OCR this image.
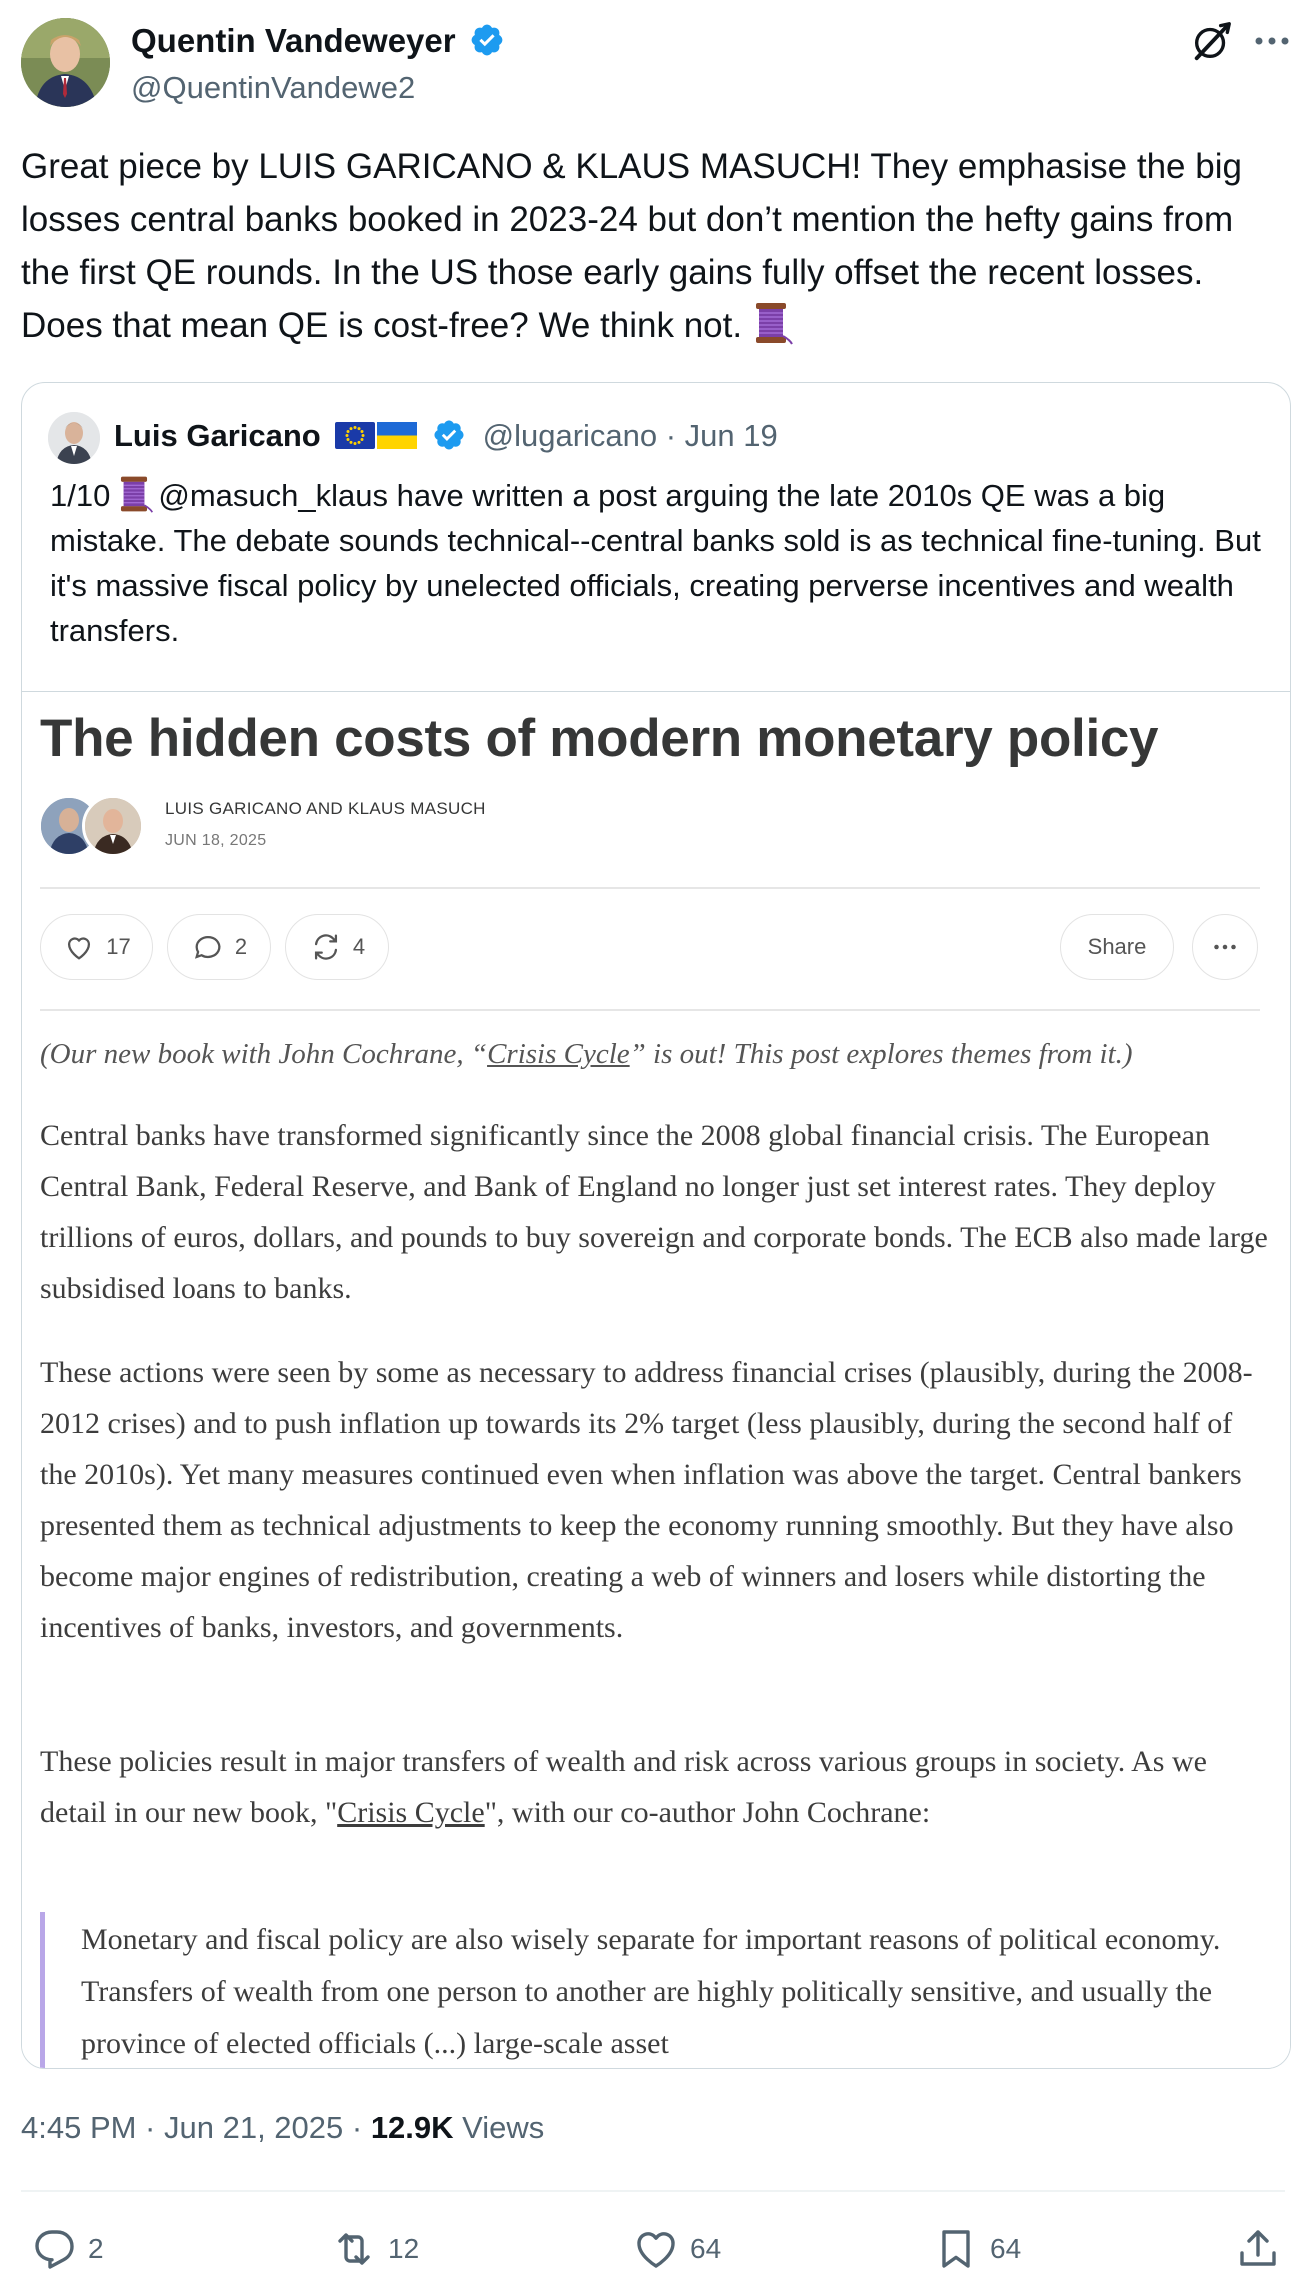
Quentin Vandeweyer
@QuentinVandewe2
Great piece by LUIS GARICANO & KLAUS MASUCH! They emphasise the big losses central banks booked in 2023-24 but don’t mention the hefty gains from the first QE rounds. In the US those early gains fully offset the recent losses. Does that mean QE is cost-free? We think not.
Luis Garicano	@lugaricano · Jun 19
1/10 @masuch_klaus have written a post arguing the late 2010s QE was a big mistake. The debate sounds technical--central banks sold is as technical fine-tuning. But it's massive fiscal policy by unelected officials, creating perverse incentives and wealth transfers.
The hidden costs of modern monetary policy
LUIS GARICANO AND KLAUS MASUCH
JUN 18, 2025
17	2	4	Share
(Our new book with John Cochrane, “Crisis Cycle” is out! This post explores themes from it.)
Central banks have transformed significantly since the 2008 global financial crisis. The European Central Bank, Federal Reserve, and Bank of England no longer just set interest rates. They deploy trillions of euros, dollars, and pounds to buy sovereign and corporate bonds. The ECB also made large subsidised loans to banks.
These actions were seen by some as necessary to address financial crises (plausibly, during the 2008-2012 crises) and to push inflation up towards its 2% target (less plausibly, during the second half of the 2010s). Yet many measures continued even when inflation was above the target. Central bankers presented them as technical adjustments to keep the economy running smoothly. But they have also become major engines of redistribution, creating a web of winners and losers while distorting the incentives of banks, investors, and governments.
These policies result in major transfers of wealth and risk across various groups in society. As we detail in our new book, "Crisis Cycle", with our co-author John Cochrane:
Monetary and fiscal policy are also wisely separate for important reasons of political economy. Transfers of wealth from one person to another are highly politically sensitive, and usually the province of elected officials (...) large-scale asset
4:45 PM · Jun 21, 2025 · 12.9K Views
2	12	64	64
